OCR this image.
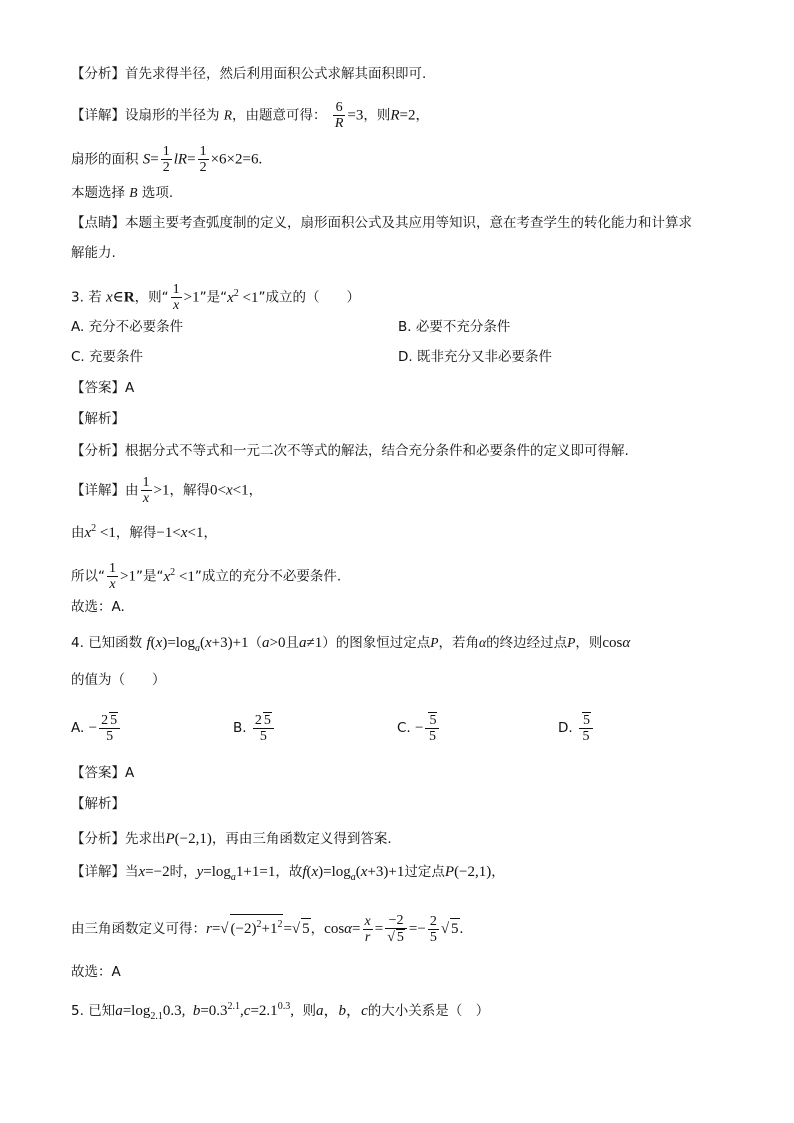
【分析】首先求得半径，然后利用面积公式求解其面积即可.
【详解】设扇形的半径为 R，由题意可得： $\frac{6}{R} =3$，则R=2，
扇形的面积 $S= \frac{1}{2} lR= \frac{1}{2} \times 6\times 2=6$.
本题选择 B 选项.
【点睛】本题主要考查弧度制的定义，扇形面积公式及其应用等知识，意在考查学生的转化能力和计算求
解能力.
3. 若 x∈R，则“ $\frac{1}{x} >1$”是“$x^2 <1$”成立的（　　）
A. 充分不必要条件	B. 必要不充分条件
C. 充要条件	D. 既非充分又非必要条件
【答案】A
【解析】
【分析】根据分式不等式和一元二次不等式的解法，结合充分条件和必要条件的定义即可得解.
【详解】由 $\frac{1}{x} >1$，解得0<x<1，
由$x^2 <1$，解得−1<x<1，
所以“ $\frac{1}{x} >1$”是“$x^2 <1$”成立的充分不必要条件.
故选：A.
4. 已知函数 $f(x)=\log_a(x+3)+1(a>0$且a≠1）的图象恒过定点P，若角α的终边经过点P，则cosα
的值为（　　）
A. − $\frac{2 5}{5}$	B. $\frac{2 5}{5}$	C. − $\frac{5}{5}$	D. $\frac{5}{5}$
【答案】A
【解析】
【分析】先求出P(−2,1)，再由三角函数定义得到答案.
【详解】当x=−2时，$y=\log_a1+1=1$，故$f(x)=\log_a(x+3)+1$过定点P(−2,1)，
由三角函数定义可得：r=√ $(-2)^2+1^2=√$ 5，$\cos\alpha= \frac{x}{r} = \frac{-2}{√ 5} =- \frac{2}{5}$ √ 5.
故选：A
5. 已知$a=\log_{2.1}0.3$,  $b=0.3^{2.1},c=2.1^{0.3}$, 则a，b，c的大小关系是（　）
